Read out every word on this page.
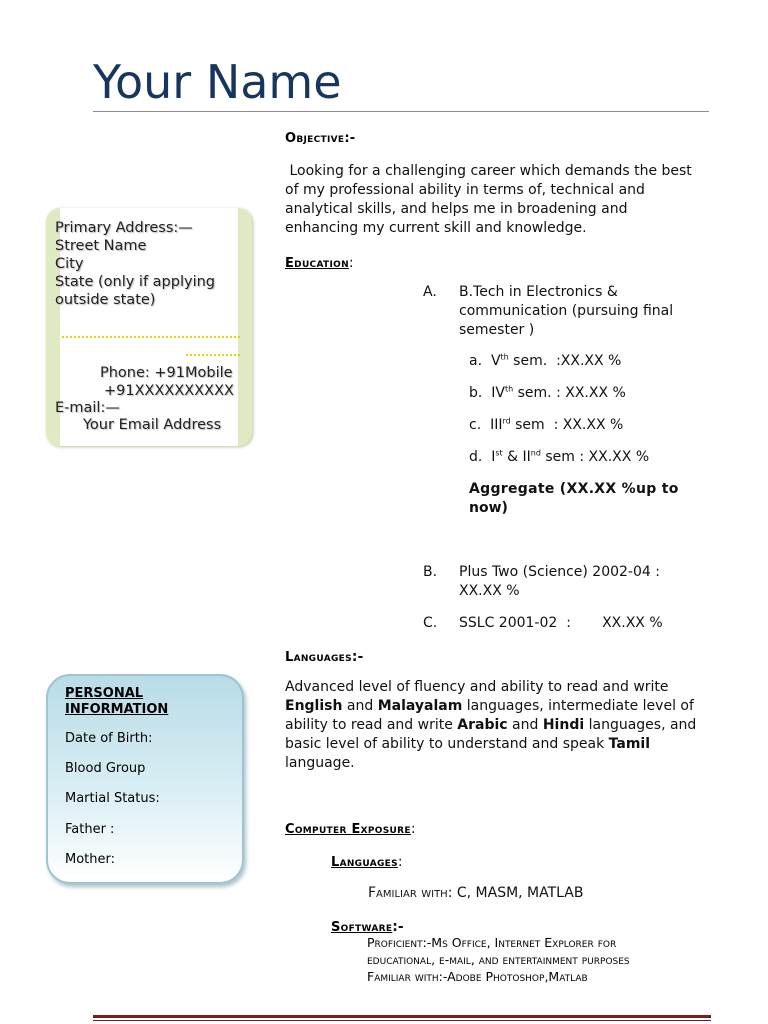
Your Name
Primary Address:—
Street Name
City
State (only if applying
outside state)
Phone: +91Mobile
+91XXXXXXXXXX
E-mail:—
Your Email Address
PERSONAL
INFORMATION
Date of Birth:
Blood Group
Martial Status:
Father :
Mother:
Objective:-
Looking for a challenging career which demands the best
of my professional ability in terms of, technical and
analytical skills, and helps me in broadening and
enhancing my current skill and knowledge.
Education:
A. B.Tech in Electronics &
communication (pursuing final
semester )
a. Vth sem.  :XX.XX %
b. IVth sem. : XX.XX %
c. IIIrd sem  : XX.XX %
d. Ist & IInd sem : XX.XX %
Aggregate (XX.XX %up to
now)
B. Plus Two (Science) 2002-04 :
XX.XX %
C. SSLC 2001-02  :       XX.XX %
Languages:-
Advanced level of fluency and ability to read and write
English and Malayalam languages, intermediate level of
ability to read and write Arabic and Hindi languages, and
basic level of ability to understand and speak Tamil
language.
Computer Exposure:
Languages:
Familiar with: C, MASM, MATLAB
Software:-
Proficient:-Ms Office, Internet Explorer for
educational, e-mail, and entertainment purposes
Familiar with:-Adobe Photoshop,Matlab
